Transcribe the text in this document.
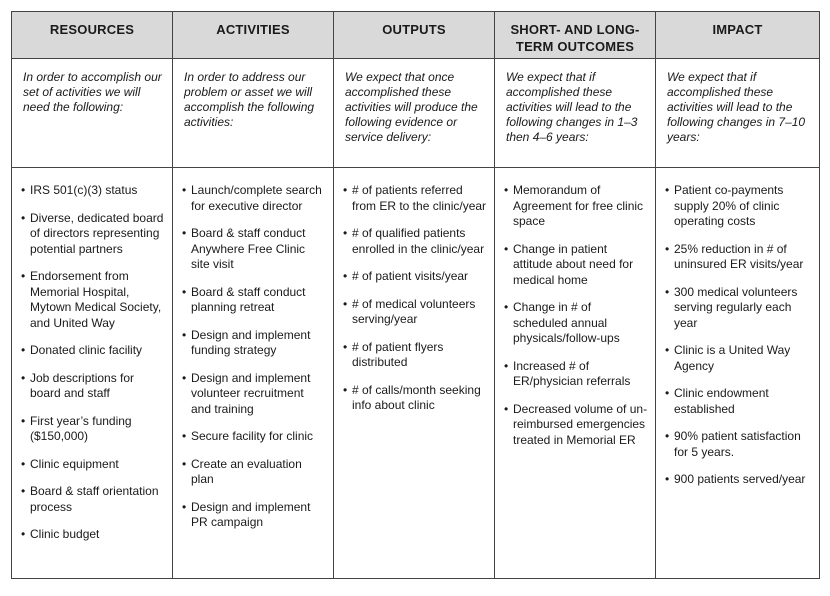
RESOURCES
In order to accomplish our set of activities we will need the following:
• IRS 501(c)(3) status
• Diverse, dedicated board of directors representing potential partners
• Endorsement from Memorial Hospital, Mytown Medical Society, and United Way
• Donated clinic facility
• Job descriptions for board and staff
• First year’s funding ($150,000)
• Clinic equipment
• Board & staff orientation process
• Clinic budget
ACTIVITIES
In order to address our problem or asset we will accomplish the following activities:
• Launch/complete search for executive director
• Board & staff conduct Anywhere Free Clinic site visit
• Board & staff conduct planning retreat
• Design and implement funding strategy
• Design and implement volunteer recruitment and training
• Secure facility for clinic
• Create an evaluation plan
• Design and implement PR campaign
OUTPUTS
We expect that once accomplished these activities will produce the following evidence or service delivery:
• # of patients referred from ER to the clinic/year
• # of qualified patients enrolled in the clinic/year
• # of patient visits/year
• # of medical volunteers serving/year
• # of patient flyers distributed
• # of calls/month seeking info about clinic
SHORT- AND LONG-TERM OUTCOMES
We expect that if accomplished these activities will lead to the following changes in 1–3 then 4–6 years:
• Memorandum of Agreement for free clinic space
• Change in patient attitude about need for medical home
• Change in # of scheduled annual physicals/follow-ups
• Increased # of ER/physician referrals
• Decreased volume of un-reimbursed emergencies treated in Memorial ER
IMPACT
We expect that if accomplished these activities will lead to the following changes in 7–10 years:
• Patient co-payments supply 20% of clinic operating costs
• 25% reduction in # of uninsured ER visits/year
• 300 medical volunteers serving regularly each year
• Clinic is a United Way Agency
• Clinic endowment established
• 90% patient satisfaction for 5 years.
• 900 patients served/year
